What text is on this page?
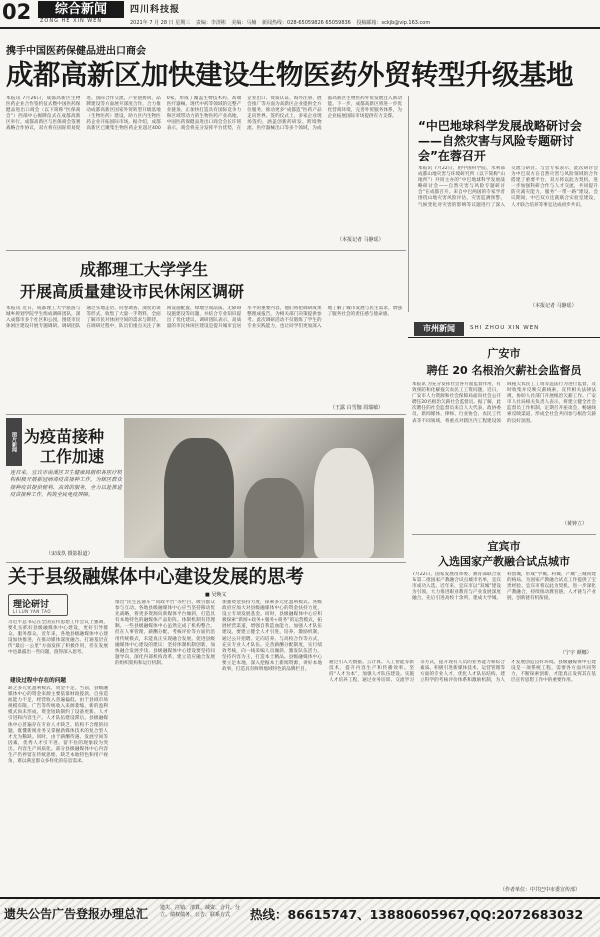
02	综合新闻
ZONG HE XIN WEN
四川科技报
2021年 7 月 28 日 星期三 责编：李清彬 美编：马楠 新闻热线：028-65059826 65059836 投稿邮箱：sckjb@vip.163.com
携手中国医药保健品进出口商会
成都高新区加快建设生物医药外贸转型升级基地
本报讯 7月26日，成都高新区生物医药企业合作签约仪式暨中国医药保健品进出口商会（以下简称“医保商会”）西部中心揭牌仪式在成都高新区举行。成都高新区与医保商会签署战略合作协议，双方将在国际贸易促进、国际合作交流、产业链协同、品牌建设等方面展开深度合作，合力推动成都高新区国家外贸转型升级基地（生物医药）建设，助力区内生物医药企业开拓国际市场。据介绍，成都高新区已聚集生物医药企业超过4000家，形成了覆盖生物技术药、高端医疗器械、现代中药等领域的完整产业链条，正加快打造具有国际竞争力和区域带动力的生物医药产业高地。中国医药保健品进出口商会会长许铭表示，商会将充分发挥平台优势，在企业出口、资质认证、海外注册、展会推广等方面为高新区企业提供全方位服务，推动更多“成都造”医药产品走向世界。签约仪式上，多家企业现场签约，涵盖创新药研发、跨境物流、医疗器械出口等多个领域，为成都高新区生物医药外贸发展注入新动能。下一步，成都高新区将进一步优化营商环境，完善外贸服务体系，为企业拓展国际市场提供有力支撑。
（本报记者 马静瑶）
“中巴地球科学发展战略研讨会——自然灾害与风险专题研讨会”在蓉召开
本报讯 7月22日，由中国科学院、水利部成都山地灾害与环境研究所（以下简称“山地所”）共同主办的“中巴地球科学发展战略研讨会——自然灾害与风险专题研讨会”在成都召开。来自中巴两国的专家学者围绕山地灾害风险评估、灾害监测预警、气候变化对灾害的影响等议题进行了深入交流与研讨。与会专家表示，此次研讨会为中巴双方在自然灾害与风险领域的合作搭建了重要平台，双方将以此为契机，进一步加强科研合作与人才交流，共同提升防灾减灾能力，服务“一带一路”建设。会议期间，中巴双方还就联合实验室建设、人才联合培养等事宜达成初步共识。
（本报记者 马静瑶）
成都理工大学学生
开展高质量建设市民休闲区调研
本报讯 近日，成都理工大学旅游与城乡规划学院学生组成调研团队，深入成都市多个社区和公园，围绕市民休闲区建设开展专题调研。调研团队通过实地走访、问卷调查、深度访谈等形式，收集了大量一手资料，全面了解市民对休闲空间的需求与期待。在调研过程中，队员们重点关注了休闲设施配置、绿地空间品质、无障碍设施建设等问题，并结合专业知识提出了优化建议。调研团队表示，高质量的市民休闲区建设是提升城市宜居水平的重要内容，他们将把调研成果整理成报告，为相关部门决策提供参考。此次调研活动不仅锻炼了学生的专业实践能力，也让同学们更加深入地了解了城市发展与民生需求，增强了服务社会的责任感与使命感。
（王露 白雪伽 周瑞敏）
市州新闻	SHI ZHOU XIN WEN
广安市
聘任 20 名根治欠薪社会监督员
本报讯 为充分发挥社会各方面监督作用，有效预防和化解拖欠农民工工资问题，近日，广安市人力资源和社会保障局面向社会公开聘任20名根治欠薪社会监督员。据了解，此次聘任的社会监督员来自人大代表、政协委员、新闻媒体、律师、行业协会、农民工代表等不同领域，将重点对辖区内工程建设领域拖欠农民工工资等违法行为进行监督，及时收集并反映欠薪线索，宣传相关法律法规，协助人社部门开展根治欠薪工作。广安市人社局相关负责人表示，将建立健全社会监督员工作机制，定期召开座谈会，畅通线索反映渠道，形成全社会共同参与根治欠薪的良好氛围。
（黄钟立）
宜宾市
入选国家产教融合试点城市
7月22日，国家发展改革委、教育部联合发布第二批国家产教融合试点城市名单，宜宾市成功入选。近年来，宜宾市以“双城”建设为引领，大力推进职业教育与产业发展深度融合，先后引进高校十余所，建成大学城、科创城，形成“学城、科城、产城”三城同建的格局，为国家产教融合试点工作提供了宝贵经验。宜宾市将以此为契机，进一步深化产教融合，持续推动教育链、人才链与产业链、创新链有机衔接。
（宁宇 颜娜）
图片新闻 为疫苗接种
工作加速
连日来，宜宾市南溪区卫生健康局组织各医疗机构积极开展新冠病毒疫苗接种工作，为辖区群众接种疫苗提供便利、高效的服务，全力以赴推进疫苗接种工作，构筑全民免疫屏障。
（宋成玖 摄影报道）
关于县级融媒体中心建设发展的思考
理论研讨
LI LUN YAN TAO
■ 吴焕义
习近平总书记在全国宣传思想工作会议上强调，要扎实抓好县级融媒体中心建设，更好引导群众、服务群众。近年来，各地县级融媒体中心建设加快推进，在推动媒体深度融合、打通基层宣传“最后一公里”方面发挥了积极作用，但在发展中也暴露出一些问题，值得深入思考。
建设过程中存在的问题
缺乏多元化盈利模式，资金不足。当前，县级融媒体中心的资金来源主要依靠财政拨款，自身造血能力不足，经营收入普遍偏低。由于县域市场规模有限，广告等传统收入来源萎缩，新的盈利模式尚未形成，资金短缺制约了设备更新、人才引进和内容生产。人才队伍建设滞后。县级融媒体中心普遍存在专业人才缺乏、结构不合理的问题，既懂新闻业务又掌握新媒体技术的复合型人才尤为稀缺。同时，由于薪酬待遇、发展空间等因素，优秀人才引不进、留不住的现象较为突出。内容生产同质化。部分县级融媒体中心内容生产仍停留在传统思维，缺乏本地特色和用户视角，难以满足群众多样化的信息需求。
推出“民生直通车”“问政平台”等栏目，吸引群众参与互动。各地县级融媒体中心应当坚持移动优先战略，将更多资源向新媒体平台倾斜，打造具有本地特色的融媒体产品矩阵。体制机制有待理顺。一些县级融媒体中心虽然完成了机构整合，但在人事管理、薪酬分配、考核评价等方面仍沿用传统模式，未能真正实现融合发展。促进县级融媒体中心建设的建议：坚持体制机制创新，加快融合发展步伐。县级融媒体中心建设要坚持问题导向，深化内部机构改革，建立适应融合发展的组织架构和运行机制。
加强资金扶持力度，探索多元化盈利模式。各级政府应加大对县级融媒体中心的资金扶持力度，设立专项发展基金。同时，县级融媒体中心应积极探索“新闻+政务+服务+商务”的运营模式，拓展经营渠道，增强自我造血能力。加强人才队伍建设。要建立健全人才引进、培养、激励机制，通过公开招聘、定向培养、与高校合作等方式，充实专业人才队伍。完善薪酬分配制度，实行绩效考核，向一线采编人员倾斜，激发队伍活力。坚持内容为王，打造本土精品。县级融媒体中心要立足本地，深入挖掘本土新闻资源，讲好本地故事，打造具有鲜明地域特色的品牌栏目。
通过引入大数据、云计算、人工智能等新技术，提升内容生产和传播效率。坚持“人才为本”，加强人才队伍建设。实施人才培养工程，通过业务培训、交流学习等方式，提升现有人员的业务能力和综合素质。积极引进新媒体技术、运营管理等方面的专业人才，优化人才队伍结构。建立科学的考核评价体系和激励机制，为人才发展创造良好环境。县级融媒体中心建设是一项系统工程，需要各方面共同努力，不断探索创新，才能真正发挥其在基层宣传思想工作中的重要作用。
（作者单位：中共巴中市委宣传部）
遗失公告广告登报办理总汇 遗失、注销、清算、减资、合并、分立、债权债务、公告、联系方式	热线：86615747、13880605967,QQ:2072683032
